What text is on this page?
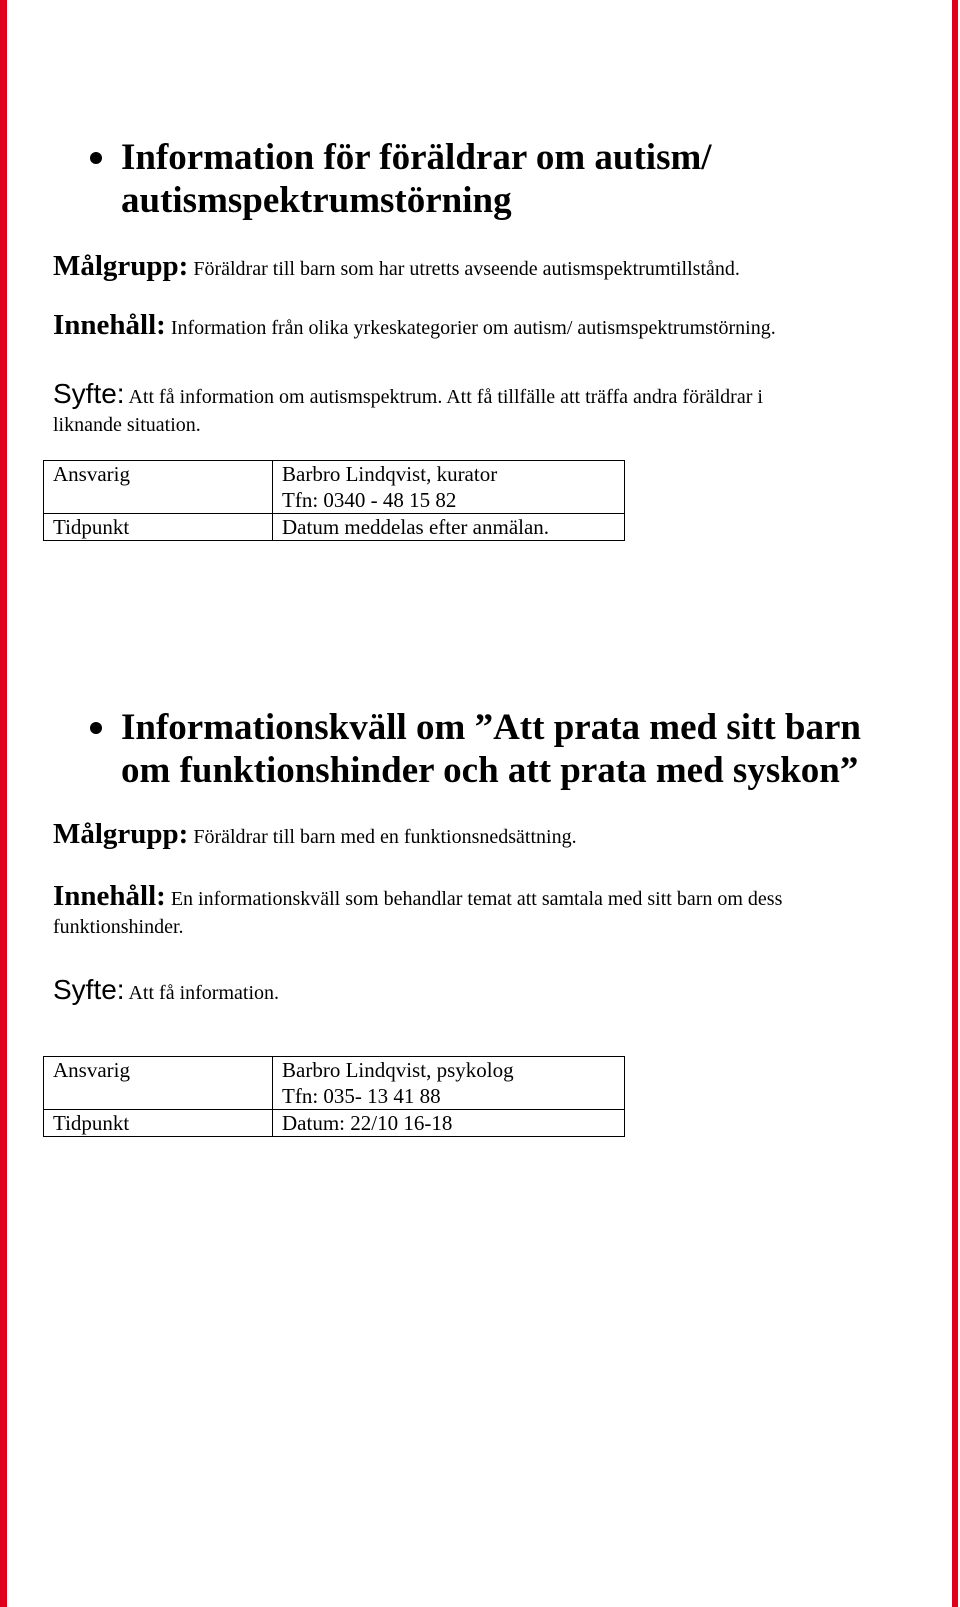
Information för föräldrar om autism/
autismspektrumstörning

Målgrupp: Föräldrar till barn som har utretts avseende autismspektrumtillstånd.

Innehåll: Information från olika yrkeskategorier om autism/ autismspektrumstörning.

Syfte: Att få information om autismspektrum. Att få tillfälle att träffa andra föräldrar i
liknande situation.

Ansvarig	Barbro Lindqvist, kurator
Tfn: 0340 - 48 15 82

Tidpunkt	Datum meddelas efter anmälan.
Informationskväll om ”Att prata med sitt barn
om funktionshinder och att prata med syskon”

Målgrupp: Föräldrar till barn med en funktionsnedsättning.

Innehåll: En informationskväll som behandlar temat att samtala med sitt barn om dess
funktionshinder.

Syfte: Att få information.

Ansvarig	Barbro Lindqvist, psykolog
Tfn: 035- 13 41 88

Tidpunkt	Datum: 22/10 16-18
